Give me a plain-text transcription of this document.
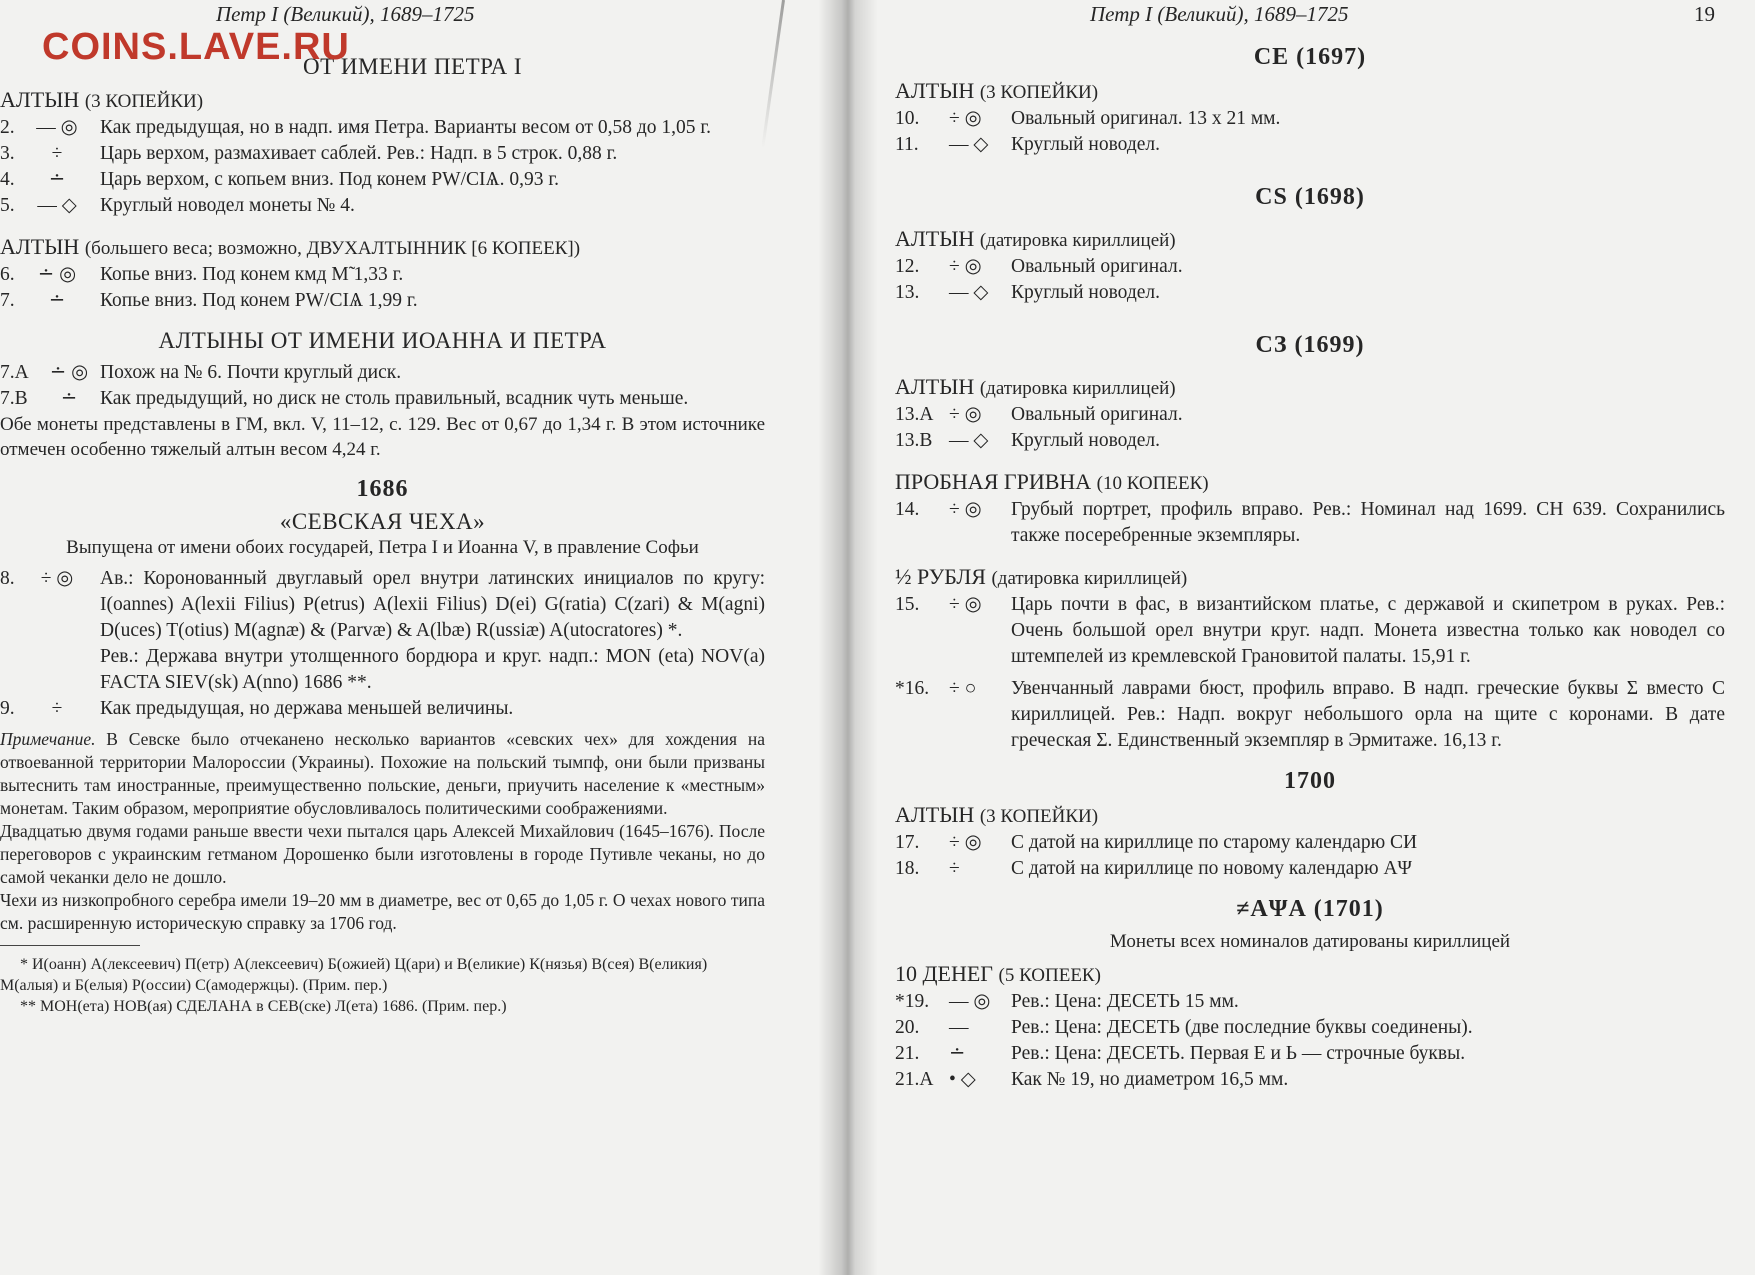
Петр I (Великий), 1689–1725

ОТ ИМЕНИ ПЕТРА I

АЛТЫН (3 КОПЕЙКИ)

2.	— ◎	Как предыдущая, но в надп. имя Петра. Варианты весом от 0,58 до 1,05 г.
3.	÷	Царь верхом, размахивает саблей. Рев.: Надп. в 5 строк. 0,88 г.
4.	∸	Царь верхом, с копьем вниз. Под конем РW/СІѦ. 0,93 г.
5.	— ◇	Круглый новодел монеты № 4.

АЛТЫН (большего веса; возможно, ДВУХАЛТЫННИК [6 КОПЕЕК])

6.	∸ ◎	Копье вниз. Под конем кмд М̃ 1,33 г.
7.	∸	Копье вниз. Под конем РW/СІѦ 1,99 г.

АЛТЫНЫ ОТ ИМЕНИ ИОАННА И ПЕТРА

7.А	∸ ◎ Похож на № 6. Почти круглый диск.
7.В	∸	Как предыдущий, но диск не столь правильный, всадник чуть меньше.

Обе монеты представлены в ГМ, вкл. V, 11–12, с. 129. Вес от 0,67 до 1,34 г. В этом источнике отмечен особенно тяжелый алтын весом 4,24 г.

1686

«СЕВСКАЯ ЧЕХА»

Выпущена от имени обоих государей, Петра I и Иоанна V, в правление Софьи

8.	÷ ◎	Ав.: Коронованный двуглавый орел внутри латинских инициалов по кругу: I(oannes) A(lexii Filius) Ρ(etrus) A(lexii Filius) D(ei) G(ratia) C(zari) & M(agni) D(uces) T(otius) M(agnæ) & (Ρarvæ) & A(lbæ) R(ussiæ) A(utocratores) *.
Рев.: Держава внутри утолщенного бордюра и круг. надп.: MON (eta) NOV(a) FACTA SIEV(sk) A(nno) 1686 **.
9.	÷	Как предыдущая, но держава меньшей величины.

Примечание. В Севске было отчеканено несколько вариантов «севских чех» для хождения на отвоеванной территории Малороссии (Украины). Похожие на польский тымпф, они были призваны вытеснить там иностранные, преимущественно польские, деньги, приучить население к «местным» монетам. Таким образом, мероприятие обусловливалось политическими соображениями.

Двадцатью двумя годами раньше ввести чехи пытался царь Алексей Михайлович (1645–1676). После переговоров с украинским гетманом Дорошенко были изготовлены в городе Путивле чеканы, но до самой чеканки дело не дошло.

Чехи из низкопробного серебра имели 19–20 мм в диаметре, вес от 0,65 до 1,05 г. О чехах нового типа см. расширенную историческую справку за 1706 год.

* И(оанн) А(лексеевич) П(етр) А(лексеевич) Б(ожией) Ц(ари) и В(еликие) К(нязья) В(сея) В(еликия) М(алыя) и Б(елыя) Р(оссии) С(амодержцы). (Прим. пер.)

** МОН(ета) НОВ(ая) СДЕЛАНА в СЕВ(ске) Л(ета) 1686. (Прим. пер.)

COINS.LAVE.RU
Петр I (Великий), 1689–1725	19

СЕ (1697)

АЛТЫН (3 КОПЕЙКИ)

10.	÷ ◎	Овальный оригинал. 13 х 21 мм.
11.	— ◇	Круглый новодел.

CS (1698)

АЛТЫН (датировка кириллицей)

12.	÷ ◎	Овальный оригинал.
13.	— ◇	Круглый новодел.

СЗ (1699)

АЛТЫН (датировка кириллицей)

13.А ÷ ◎	Овальный оригинал.
13.В — ◇	Круглый новодел.

ПРОБНАЯ ГРИВНА (10 КОПЕЕК)

14.	÷ ◎	Грубый портрет, профиль вправо. Рев.: Номинал над 1699. СН 639. Сохранились также посеребренные экземпляры.

½ РУБЛЯ (датировка кириллицей)

15.	÷ ◎	Царь почти в фас, в византийском платье, с державой и скипетром в руках. Рев.: Очень большой орел внутри круг. надп. Монета известна только как новодел со штемпелей из кремлевской Грановитой палаты. 15,91 г.
*16.	÷ ○	Увенчанный лаврами бюст, профиль вправо. В надп. греческие буквы Σ вместо С кириллицей. Рев.: Надп. вокруг небольшого орла на щите с коронами. В дате греческая Σ. Единственный экземпляр в Эрмитаже. 16,13 г.

1700

АЛТЫН (3 КОПЕЙКИ)

17.	÷ ◎	С датой на кириллице по старому календарю СИ
18.	÷	С датой на кириллице по новому календарю АΨ

≠АΨА (1701)

Монеты всех номиналов датированы кириллицей

10 ДЕНЕГ (5 КОПЕЕК)

*19.	— ◎	Рев.: Цена: ДЕСЕТЬ 15 мм.
20.	—	Рев.: Цена: ДЕСЕТЬ (две последние буквы соединены).
21.	∸	Рев.: Цена: ДЕСЕТЬ. Первая Е и Ь — строчные буквы.
21.А • ◇	Как № 19, но диаметром 16,5 мм.
